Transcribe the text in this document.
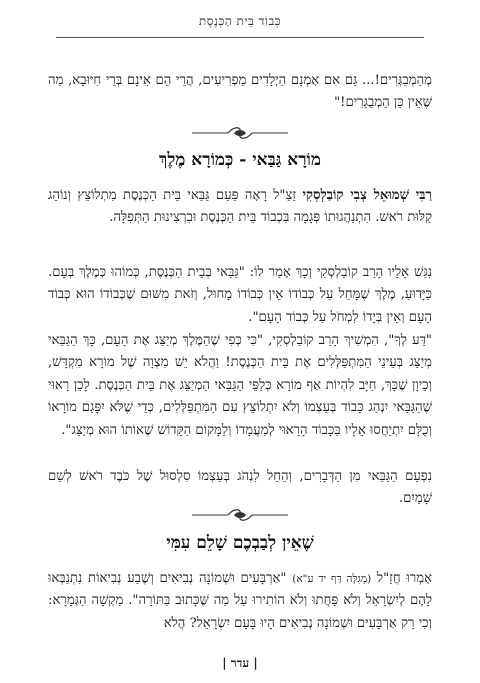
כְּבוֹד בֵּית הַכְּנֶסֶת

מְהַמְבַגְּרִים!... גַּם אִם אָמְנָם הַיְלָדִים מַפְרִיעִים, הֲרֵי הֵם אֵינָם בְּרֵי חִיּוּבָא, מַה שֶּׁאֵין כֵּן הַמְבֻגָּרִים!"

מוֹרָא גַּבַּאי - כְּמוֹרָא מֶלֶךְ

רַבִּי שְׁמוּאֵל צְבִי קוֹבַלְסְקִי זַצַ"ל רָאָה פַּעַם גַּבַּאי בֵּית הַכְּנֶסֶת מִתְלוֹצֵץ וְנוֹהֵג קַלּוּת רֹאשׁ. הִתְנַהֲגוּתוֹ פְּגָמָה בִּכְבוֹד בֵּית הַכְּנֶסֶת וּבִרְצִינוּת הַתְּפִלָּה.

נִגַּשׁ אֵלָיו הָרַב קוֹבַלְסְקִי וְכָךְ אָמַר לוֹ: "גַּבַּאי בְּבֵית הַכְּנֶסֶת, כְּמוֹהוּ כְּמֶלֶךְ בְּעָם. כַּיָּדוּעַ, מֶלֶךְ שֶׁמָּחַל עַל כְּבוֹדוֹ אֵין כְּבוֹדוֹ מָחוּל, וְזֹאת מִשּׁוּם שֶׁכְּבוֹדוֹ הוּא כְּבוֹד הָעָם וְאֵין בְּיָדוֹ לִמְחֹל עַל כְּבוֹד הָעָם".

"דַּע לְךָ", הִמְשִׁיךְ הָרַב קוֹבַלְסְקִי, "כִּי כְּפִי שֶׁהַמֶּלֶךְ מְיַצֵּג אֶת הָעָם, כָּךְ הַגַּבַּאי מְיַצֵּג בְּעֵינֵי הַמִּתְפַּלְּלִים אֶת בֵּית הַכְּנֶסֶת! וַהֲלֹא יֵשׁ מִצְוָה שֶׁל מוֹרָא מִקְדָּשׁ, וְכֵיוָן שֶׁכָּךְ, חַיָּב לִהְיוֹת אַף מוֹרָא כְּלַפֵּי הַגַּבַּאי הַמְיַצֵּג אֶת בֵּית הַכְּנֶסֶת. לָכֵן רָאוּי שֶׁהַגַּבַּאי יִנְהַג כָּבוֹד בְּעַצְמוֹ וְלֹא יִתְלוֹצֵץ עִם הַמִּתְפַּלְּלִים, כְּדֵי שֶׁלֹּא יִפָּגַם מוֹרָאוֹ וְכֻלָּם יִתְיַחֲסוּ אֵלָיו בַּכָּבוֹד הָרָאוּי לְמַעֲמָדוֹ וְלַמָּקוֹם הַקָּדוֹשׁ שֶׁאוֹתוֹ הוּא מְיַצֵּג".

נִפְעַם הַגַּבַּאי מִן הַדְּבָרִים, וְהֵחֵל לִנְהֹג בְּעַצְמוֹ סִלְסוּל שֶׁל כֹּבֶד רֹאשׁ לְשֵׁם שָׁמַיִם.

שֶׁאֵין לְבַבְכֶם שָׁלֵם עִמִּי

אָמְרוּ חֲזַ"ל (מְגִלָּה דַּף יד ע"א) "אַרְבָּעִים וּשְׁמוֹנָה נְבִיאִים וְשֶׁבַע נְבִיאוֹת נִתְנַבְּאוּ לָהֶם לְיִשְׂרָאֵל וְלֹא פָּחֲתוּ וְלֹא הוֹתִירוּ עַל מַה שֶּׁכָּתוּב בַּתּוֹרָה". מַקְשָׁה הַגְּמָרָא: וְכִי רַק אַרְבָּעִים וּשְׁמוֹנָה נְבִיאִים הָיוּ בָּעָם יִשְׂרָאֵל? הֲלֹא

| עדר |
